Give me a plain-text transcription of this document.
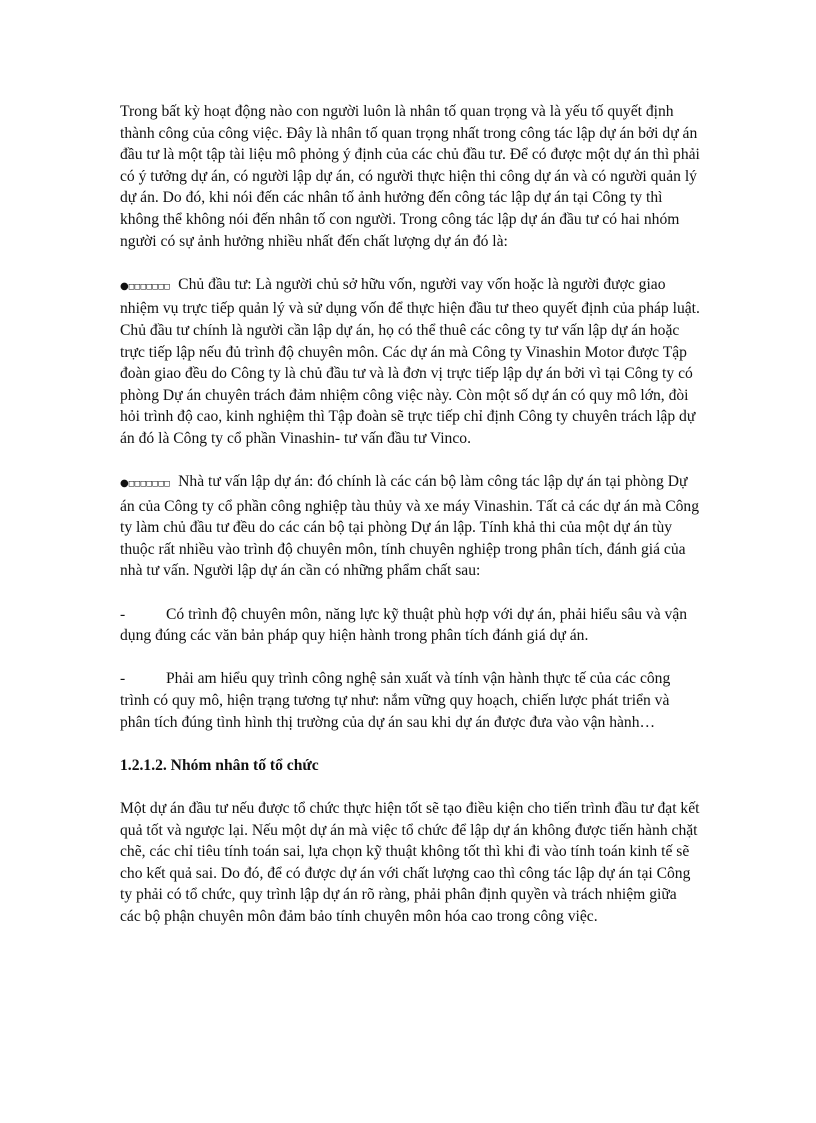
Trong bất kỳ hoạt động nào con người luôn là nhân tố quan trọng và là yếu tố quyết định thành công của công việc. Đây là nhân tố quan trọng nhất trong công tác lập dự án bởi dự án đầu tư là một tập tài liệu mô phỏng ý định của các chủ đầu tư. Để có được một dự án thì phải có ý tưởng dự án, có người lập dự án, có người thực hiện thi công dự án và có người quản lý dự án. Do đó, khi nói đến các nhân tố ảnh hưởng đến công tác lập dự án tại Công ty thì không thể không nói đến nhân tố con người. Trong công tác lập dự án đầu tư có hai nhóm người có sự ảnh hưởng nhiều nhất đến chất lượng dự án đó là:

●□□□□□□□ Chủ đầu tư: Là người chủ sở hữu vốn, người vay vốn hoặc là người được giao nhiệm vụ trực tiếp quản lý và sử dụng vốn để thực hiện đầu tư theo quyết định của pháp luật. Chủ đầu tư chính là người cần lập dự án, họ có thể thuê các công ty tư vấn lập dự án hoặc trực tiếp lập nếu đủ trình độ chuyên môn. Các dự án mà Công ty Vinashin Motor được Tập đoàn giao đều do Công ty là chủ đầu tư và là đơn vị trực tiếp lập dự án bởi vì tại Công ty có phòng Dự án chuyên trách đảm nhiệm công việc này. Còn một số dự án có quy mô lớn, đòi hỏi trình độ cao, kinh nghiệm thì Tập đoàn sẽ trực tiếp chỉ định Công ty chuyên trách lập dự án đó là Công ty cổ phần Vinashin- tư vấn đầu tư Vinco.

●□□□□□□□ Nhà tư vấn lập dự án: đó chính là các cán bộ làm công tác lập dự án tại phòng Dự án của Công ty cổ phần công nghiệp tàu thủy và xe máy Vinashin. Tất cả các dự án mà Công ty làm chủ đầu tư đều do các cán bộ tại phòng Dự án lập. Tính khả thi của một dự án tùy thuộc rất nhiều vào trình độ chuyên môn, tính chuyên nghiệp trong phân tích, đánh giá của nhà tư vấn. Người lập dự án cần có những phẩm chất sau:

-	Có trình độ chuyên môn, năng lực kỹ thuật phù hợp với dự án, phải hiểu sâu và vận dụng đúng các văn bản pháp quy hiện hành trong phân tích đánh giá dự án.

-	Phải am hiểu quy trình công nghệ sản xuất và tính vận hành thực tế của các công trình có quy mô, hiện trạng tương tự như: nắm vững quy hoạch, chiến lược phát triển và phân tích đúng tình hình thị trường của dự án sau khi dự án được đưa vào vận hành…

1.2.1.2. Nhóm nhân tố tổ chức

Một dự án đầu tư nếu được tổ chức thực hiện tốt sẽ tạo điều kiện cho tiến trình đầu tư đạt kết quả tốt và ngược lại. Nếu một dự án mà việc tổ chức để lập dự án không được tiến hành chặt chẽ, các chỉ tiêu tính toán sai, lựa chọn kỹ thuật không tốt thì khi đi vào tính toán kinh tế sẽ cho kết quả sai. Do đó, để có được dự án với chất lượng cao thì công tác lập dự án tại Công ty phải có tổ chức, quy trình lập dự án rõ ràng, phải phân định quyền và trách nhiệm giữa các bộ phận chuyên môn đảm bảo tính chuyên môn hóa cao trong công việc.
